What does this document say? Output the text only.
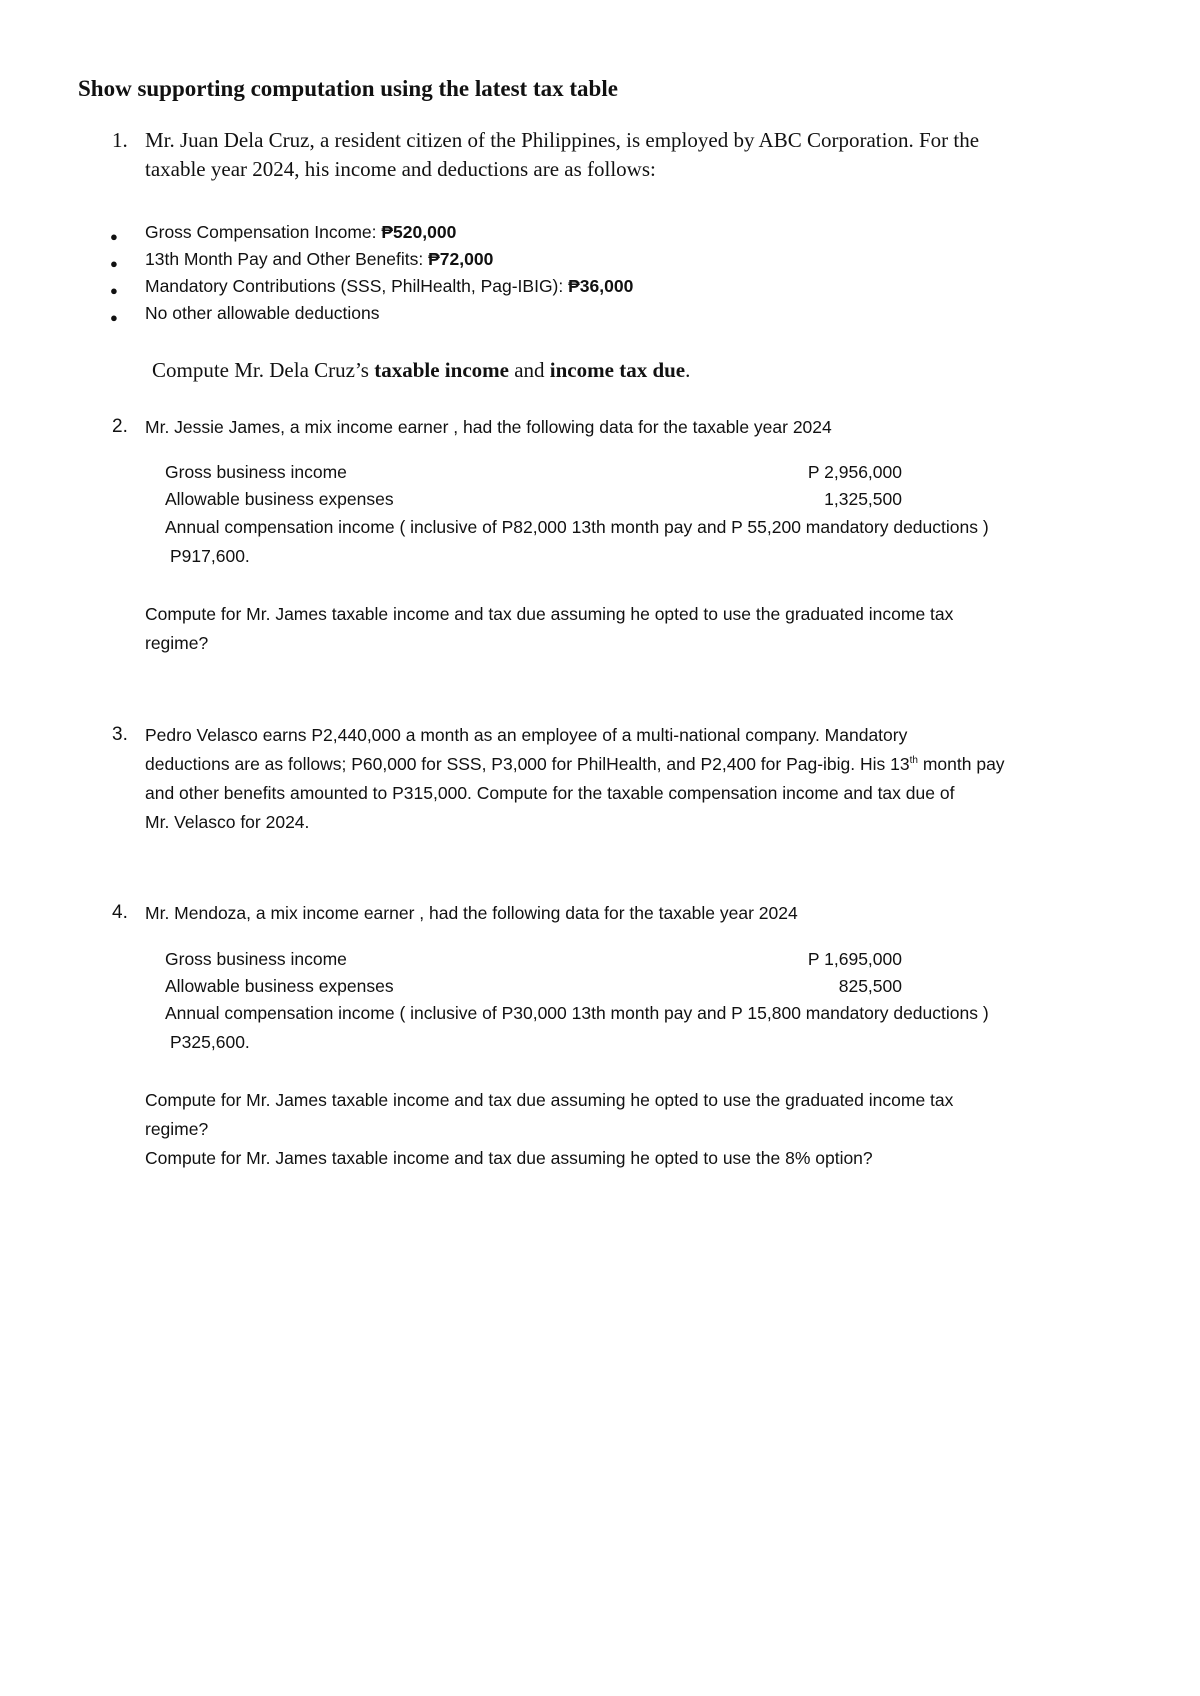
Show supporting computation using the latest tax table
1. Mr. Juan Dela Cruz, a resident citizen of the Philippines, is employed by ABC Corporation. For the
taxable year 2024, his income and deductions are as follows:
● Gross Compensation Income: ₱520,000
● 13th Month Pay and Other Benefits: ₱72,000
● Mandatory Contributions (SSS, PhilHealth, Pag-IBIG): ₱36,000
● No other allowable deductions
Compute Mr. Dela Cruz’s taxable income and income tax due.
2. Mr. Jessie James, a mix income earner , had the following data for the taxable year 2024
Gross business income	P 2,956,000
Allowable business expenses	1,325,500
Annual compensation income ( inclusive of P82,000 13th month pay and P 55,200 mandatory deductions )
P917,600.
Compute for Mr. James taxable income and tax due assuming he opted to use the graduated income tax
regime?
3. Pedro Velasco earns P2,440,000 a month as an employee of a multi-national company. Mandatory
deductions are as follows; P60,000 for SSS, P3,000 for PhilHealth, and P2,400 for Pag-ibig. His 13th month pay
and other benefits amounted to P315,000. Compute for the taxable compensation income and tax due of
Mr. Velasco for 2024.
4. Mr. Mendoza, a mix income earner , had the following data for the taxable year 2024
Gross business income	P 1,695,000
Allowable business expenses	825,500
Annual compensation income ( inclusive of P30,000 13th month pay and P 15,800 mandatory deductions )
P325,600.
Compute for Mr. James taxable income and tax due assuming he opted to use the graduated income tax
regime?
Compute for Mr. James taxable income and tax due assuming he opted to use the 8% option?
